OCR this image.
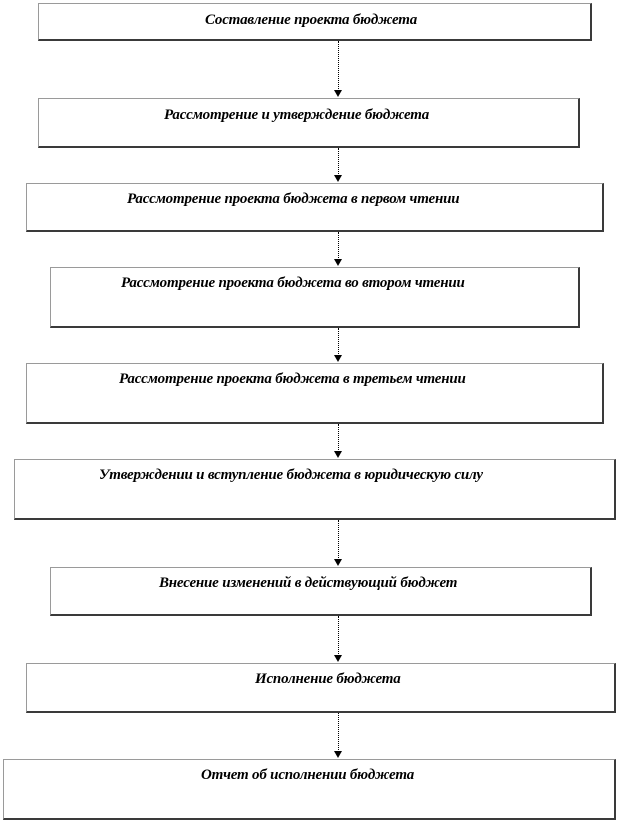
Составление проекта бюджета
Рассмотрение и утверждение бюджета
Рассмотрение проекта бюджета в первом чтении
Рассмотрение проекта бюджета во втором чтении
Рассмотрение проекта бюджета в третьем чтении
Утверждении и вступление бюджета в юридическую силу
Внесение изменений в действующий бюджет
Исполнение бюджета
Отчет об исполнении бюджета
